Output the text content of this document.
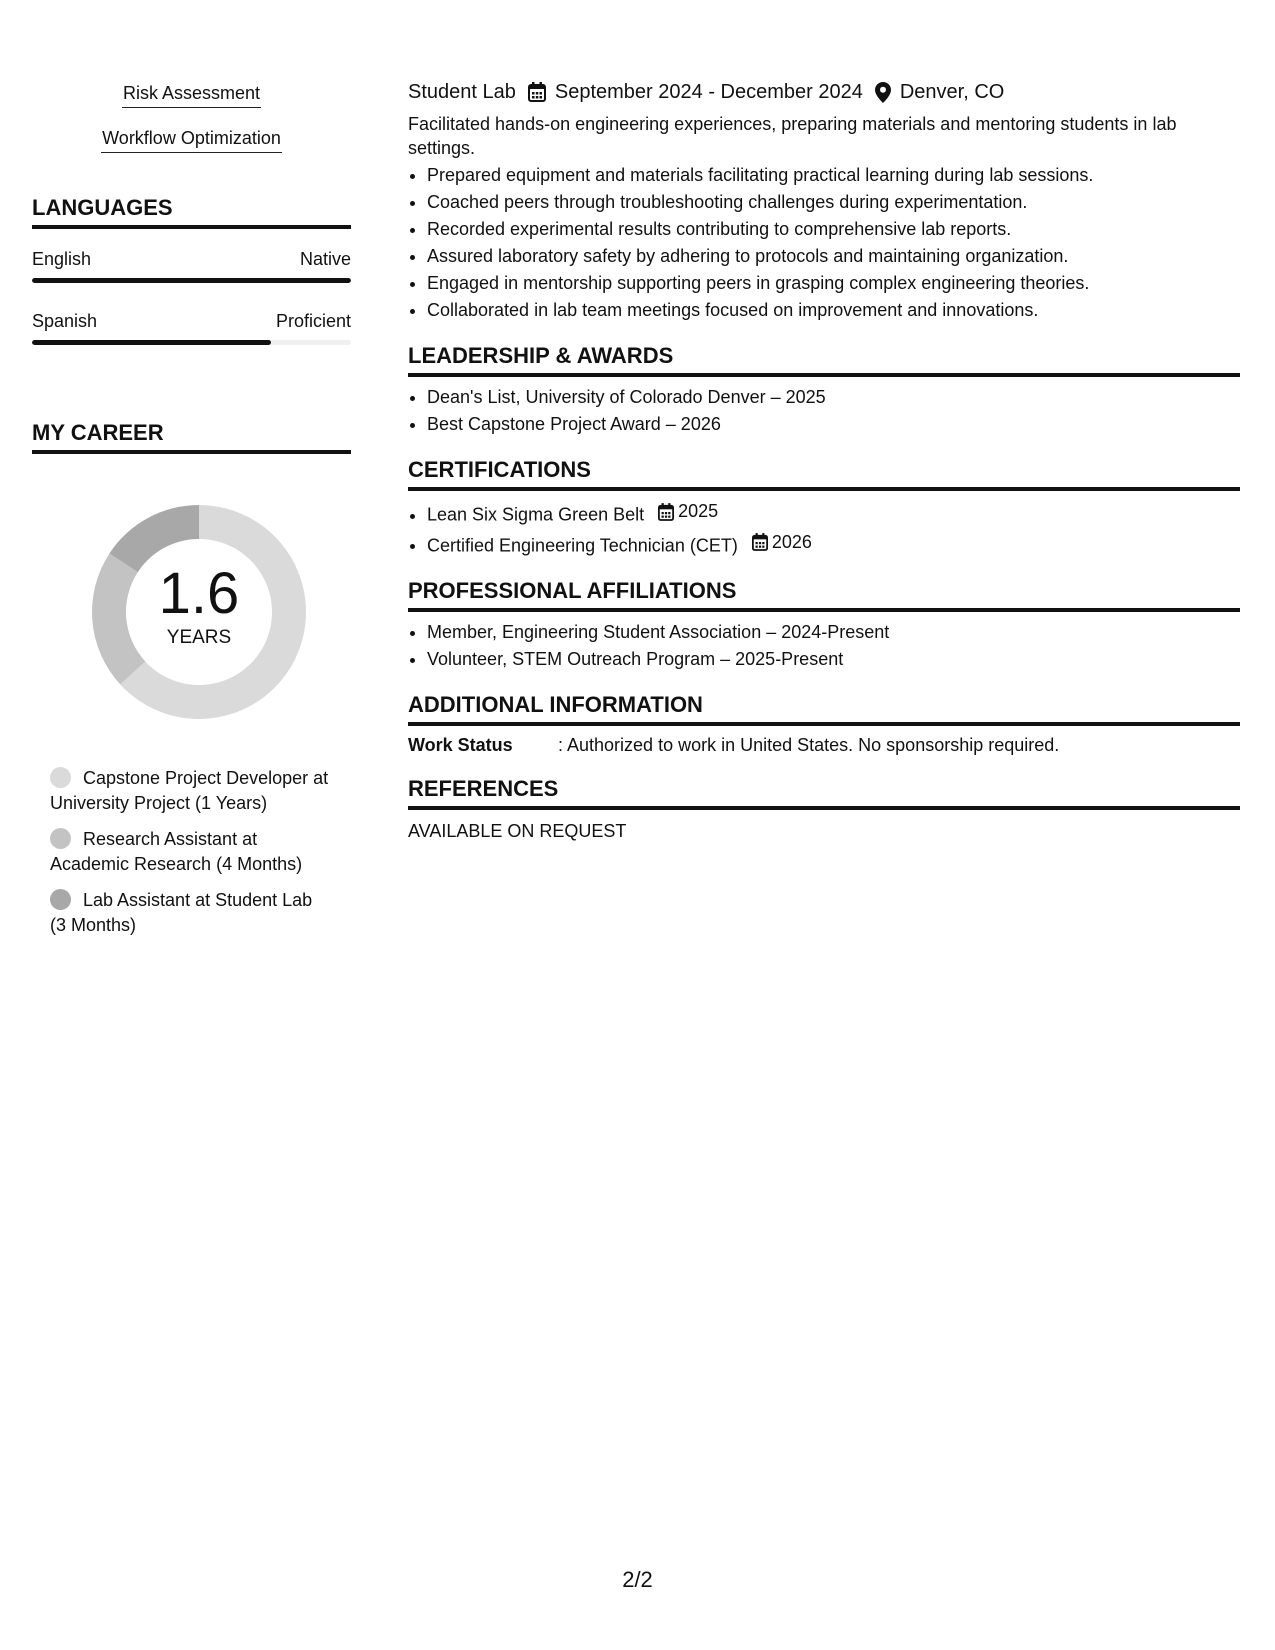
Risk Assessment
Workflow Optimization
LANGUAGES
English	Native
Spanish	Proficient
MY CAREER
1.6
YEARS
Capstone Project Developer at University Project (1 Years)
Research Assistant at Academic Research (4 Months)
Lab Assistant at Student Lab (3 Months)
Student Lab September 2024 - December 2024 Denver, CO
Facilitated hands-on engineering experiences, preparing materials and mentoring students in lab settings.
• Prepared equipment and materials facilitating practical learning during lab sessions.
• Coached peers through troubleshooting challenges during experimentation.
• Recorded experimental results contributing to comprehensive lab reports.
• Assured laboratory safety by adhering to protocols and maintaining organization.
• Engaged in mentorship supporting peers in grasping complex engineering theories.
• Collaborated in lab team meetings focused on improvement and innovations.
LEADERSHIP & AWARDS
• Dean's List, University of Colorado Denver – 2025
• Best Capstone Project Award – 2026
CERTIFICATIONS
• Lean Six Sigma Green Belt 2025
• Certified Engineering Technician (CET) 2026
PROFESSIONAL AFFILIATIONS
• Member, Engineering Student Association – 2024-Present
• Volunteer, STEM Outreach Program – 2025-Present
ADDITIONAL INFORMATION
Work Status	: Authorized to work in United States. No sponsorship required.
REFERENCES
AVAILABLE ON REQUEST
2/2
